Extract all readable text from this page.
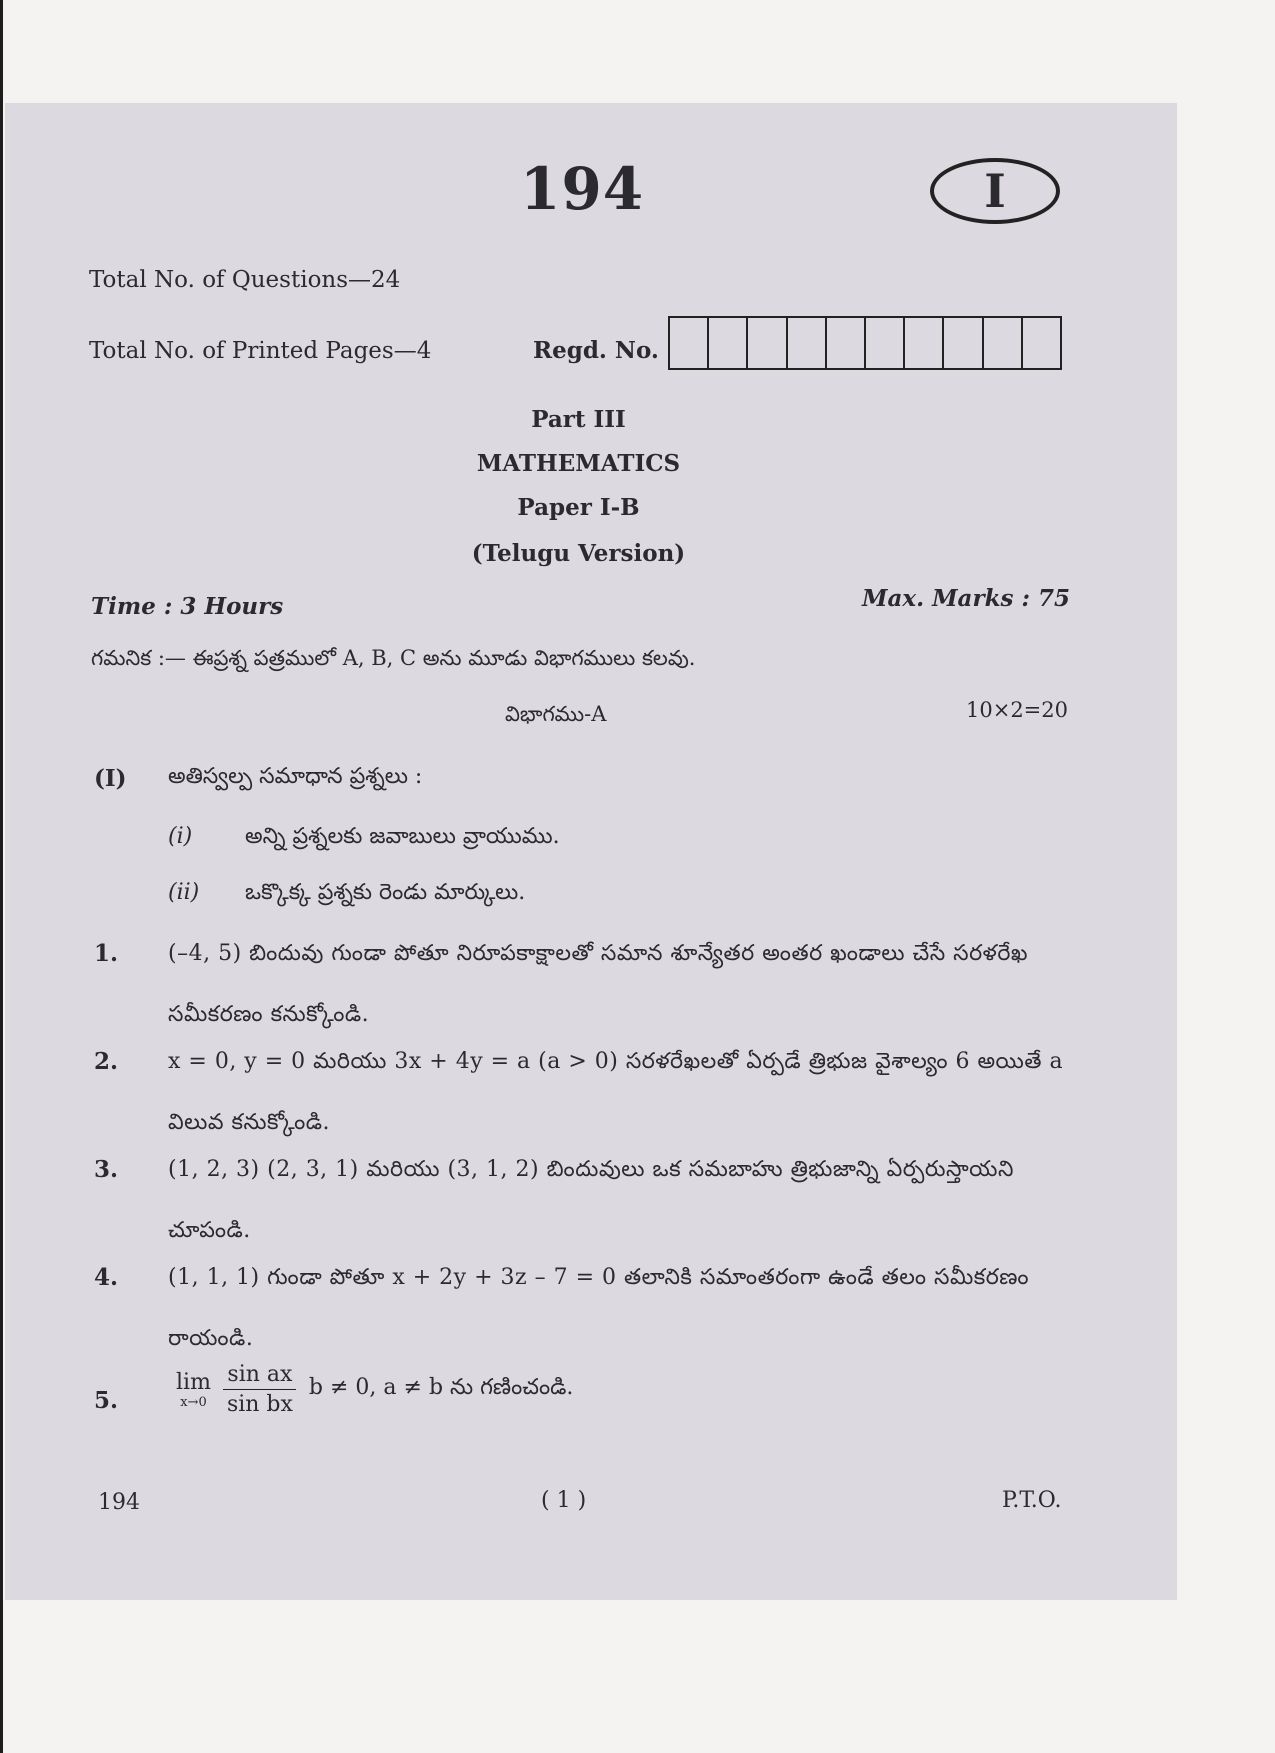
194	I
Total No. of Questions—24
Total No. of Printed Pages—4	Regd. No.
Part III
MATHEMATICS
Paper I-B
(Telugu Version)
Time : 3 Hours	Max. Marks : 75
గమనిక :— ఈప్రశ్న పత్రములో A, B, C అను మూడు విభాగములు కలవు.
విభాగము-A	10×2=20
(I) అతిస్వల్ప సమాధాన ప్రశ్నలు :
(i) అన్ని ప్రశ్నలకు జవాబులు వ్రాయుము.
(ii) ఒక్కొక్క ప్రశ్నకు రెండు మార్కులు.
1. (–4, 5) బిందువు గుండా పోతూ నిరూపకాక్షాలతో సమాన శూన్యేతర అంతర ఖండాలు చేసే సరళరేఖ సమీకరణం కనుక్కోండి.
2. x = 0, y = 0 మరియు 3x + 4y = a (a > 0) సరళరేఖలతో ఏర్పడే త్రిభుజ వైశాల్యం 6 అయితే a విలువ కనుక్కోండి.
3. (1, 2, 3) (2, 3, 1) మరియు (3, 1, 2) బిందువులు ఒక సమబాహు త్రిభుజాన్ని ఏర్పరుస్తాయని చూపండి.
4. (1, 1, 1) గుండా పోతూ x + 2y + 3z – 7 = 0 తలానికి సమాంతరంగా ఉండే తలం సమీకరణం రాయండి.
5.
lim
$x\to 0 \frac{\text{sin ax}}{\text{sin bx}}$ b ≠ 0, a ≠ b ను గణించండి.
194	( 1 )	P.T.O.
